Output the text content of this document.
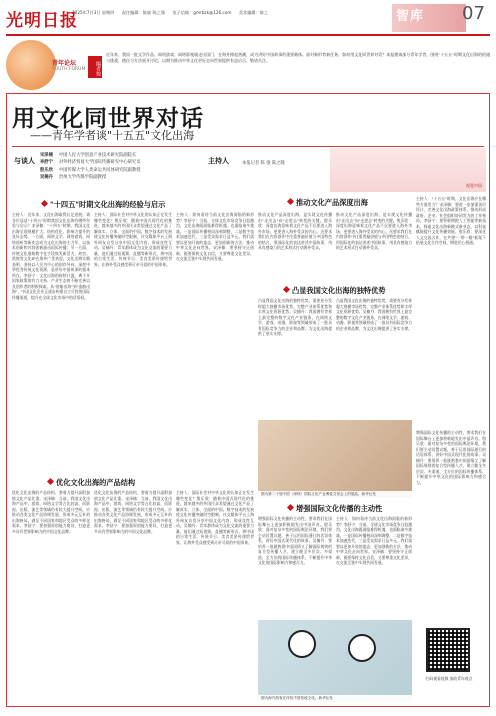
光明日报
2025年7月3日 星期四 责任编辑：陈斌 陈之隆 电子信箱：gmrbzk@126.com 美术编辑：陈之	智库 07
青年论坛
YOUTH FORUM	编者按
近年来，我国一批文学作品、网络游戏、网络影视剧走出国门，在海外掀起热潮，成为讲好中国故事的重要载体。面对新形势新任务，如何用文化同世界对话？本报邀请部分青年学者，围绕"十五五"时期文化出海的机遇与挑战、路径与方法展开讨论，以期为推动中华文化更好走向世界提供有益启示。敬请关注。
用文化同世界对话
——青年学者谈"十五五"文化出海
与谈人
宋泽楠 中国人民大学创意产业技术研究院副院长
李舒宁 对外经济贸易大学国际传播研究中心研究员
殷乐欣 中国传媒大学人类命运共同体研究院副教授
吴楠丹 贵州大学传媒学院副教授
主持人	本报记者 陈 强 陈之隆
视觉中国
"十四五"时期文化出海的经验与启示
主持人：近年来，文化出海取得长足进展。请各位谈谈"十四五"时期我国文化出海有哪些经验与启示？宋泽楠："十四五"时期，我国文化出海呈现规模扩大、结构优化、影响力提升的良好态势。一方面，网络文学、网络游戏、网络视听等新业态成为文化出海的主力军，以技术创新和内容创新驱动国际传播；另一方面，传统文化借助数字化手段焕发新活力，故宫、敦煌等文化IP在海外广受欢迎。文化出海实践表明，坚持以人民为中心的创作导向，深挖中华优秀传统文化资源，是讲好中国故事的根本所在。李舒宁：文化出海的持续升温，离不开国家政策的有力支持、产业生态的不断完善以及创作者的积极探索。从"借船出海"到"造船出海"，中国文化企业正逐步构建自主可控的国际传播渠道，提升在全球文化市场中的话语权。
主持人：国际社会对中华文化的认知正在发生哪些变化？殷乐欣：随着中国式现代化的推进，越来越多的外国民众希望通过文化产品了解真实、立体、全面的中国。数字技术的发展使文化传播突破时空限制，社交媒体平台上海外网友自发分享中国文化内容，形成良性互动。吴楠丹：青年群体成为文化交流的重要力量，他们通过短视频、直播等新形式，将中国的日常生活、传统节日、美食美景传递给世界，让海外受众感受到可亲可爱的中国形象。
主持人：如何看待当前文化出海面临的新形势？李舒宁：当前，全球文化市场竞争日趋激烈，文化出海既面临难得机遇，也面临诸多挑战。一是国际传播格局深刻调整，二是数字技术加速迭代，三是受众需求日益多元。我们需要以更加开放的姿态、更加创新的方法，推动中华文化走向世界。宋泽楠：要坚持守正创新，既要保持文化自信，又要尊重文化差异，在交流互鉴中实现共同发展。
推动文化产品深度出海
推动文化产品深度出海，是实现文化传播由"走出去"向"走进去"转变的关键。殷乐欣：深度出海意味着文化产品不仅要进入海外市场，更要进入海外受众的内心。这要求我们在内容创作中注重普遍价值与中国特色的结合，用国际化的表达讲述中国故事，用具有感染力的艺术形式打动海外受众。
推动文化产品深度出海，是实现文化传播由"走出去"向"走进去"转变的关键。殷乐欣：深度出海意味着文化产品不仅要进入海外市场，更要进入海外受众的内心。这要求我们在内容创作中注重普遍价值与中国特色的结合，用国际化的表达讲述中国故事，用具有感染力的艺术形式打动海外受众。
主持人："十五五"时期，文化出海应在哪些方面发力？宋泽楠：要进一步加强顶层设计，完善文化出海政策体系，推动形成政府、企业、社会组织协同发力的工作格局。李舒宁：要积极拥抱人工智能等新技术，探索文化出海新模式新业态，以科技赋能提升文化传播效能。殷乐欣：要深化人文交流合作，在共建"一带一路"框架下拓展文化合作空间，增进民心相通。
凸显我国文化出海的独特优势
凸显我国文化出海的独特优势，需要充分发挥超大规模市场优势、完整产业体系优势和丰厚文化资源优势。吴楠丹：我国拥有世界上最完整的数字文化产业链条，在网络文学、游戏、动漫、影视等领域形成了一批具有国际竞争力的企业和品牌，为文化出海提供了坚实支撑。
凸显我国文化出海的独特优势，需要充分发挥超大规模市场优势、完整产业体系优势和丰厚文化资源优势。吴楠丹：我国拥有世界上最完整的数字文化产业链条，在网络文学、游戏、动漫、影视等领域形成了一批具有国际竞争力的企业和品牌，为文化出海提供了坚实支撑。
图为第二十届中国（深圳）国际文化产业博览交易会上的展品。新华社发
增强国际文化传播的主动性，要求我们在国际舞台上更加积极地发出中国声音。殷乐欣：面对复杂多变的国际舆论环境，我们要主动设置议题，善于运用国际通行的话语体系，讲好中国式现代化的故事。吴楠丹：要培养一批既熟悉中国国情又了解国际规则的复合型传播人才，建立健全多层次、多渠道、全方位的国际传播体系，不断提升中华文化的国际影响力和感召力。
优化文化出海的产品结构
优化文化出海的产品结构，要着力提升高附加值文化产品比重。宋泽楠：当前，我国文化出海产品中，游戏、网络文学等占比较高，而影视、出版、演艺等领域仍有较大提升空间。应推动各类文化产品协调发展，形成多元互补的出海格局，满足不同国家和地区受众的多样化需求。李舒宁：要加强原创能力建设，打造更多具有世界影响力的中国文化品牌。
优化文化出海的产品结构，要着力提升高附加值文化产品比重。宋泽楠：当前，我国文化出海产品中，游戏、网络文学等占比较高，而影视、出版、演艺等领域仍有较大提升空间。应推动各类文化产品协调发展，形成多元互补的出海格局，满足不同国家和地区受众的多样化需求。李舒宁：要加强原创能力建设，打造更多具有世界影响力的中国文化品牌。
主持人：国际社会对中华文化的认知正在发生哪些变化？殷乐欣：随着中国式现代化的推进，越来越多的外国民众希望通过文化产品了解真实、立体、全面的中国。数字技术的发展使文化传播突破时空限制，社交媒体平台上海外网友自发分享中国文化内容，形成良性互动。吴楠丹：青年群体成为文化交流的重要力量，他们通过短视频、直播等新形式，将中国的日常生活、传统节日、美食美景传递给世界，让海外受众感受到可亲可爱的中国形象。
增强国际文化传播的主动性
增强国际文化传播的主动性，要求我们在国际舞台上更加积极地发出中国声音。殷乐欣：面对复杂多变的国际舆论环境，我们要主动设置议题，善于运用国际通行的话语体系，讲好中国式现代化的故事。吴楠丹：要培养一批既熟悉中国国情又了解国际规则的复合型传播人才，建立健全多层次、多渠道、全方位的国际传播体系，不断提升中华文化的国际影响力和感召力。
主持人：如何看待当前文化出海面临的新形势？李舒宁：当前，全球文化市场竞争日趋激烈，文化出海既面临难得机遇，也面临诸多挑战。一是国际传播格局深刻调整，二是数字技术加速迭代，三是受众需求日益多元。我们需要以更加开放的姿态、更加创新的方法，推动中华文化走向世界。宋泽楠：要坚持守正创新，既要保持文化自信，又要尊重文化差异，在交流互鉴中实现共同发展。
图为海外游客在体验中国传统文化。新华社发
扫码观看视频 加收青年观点
